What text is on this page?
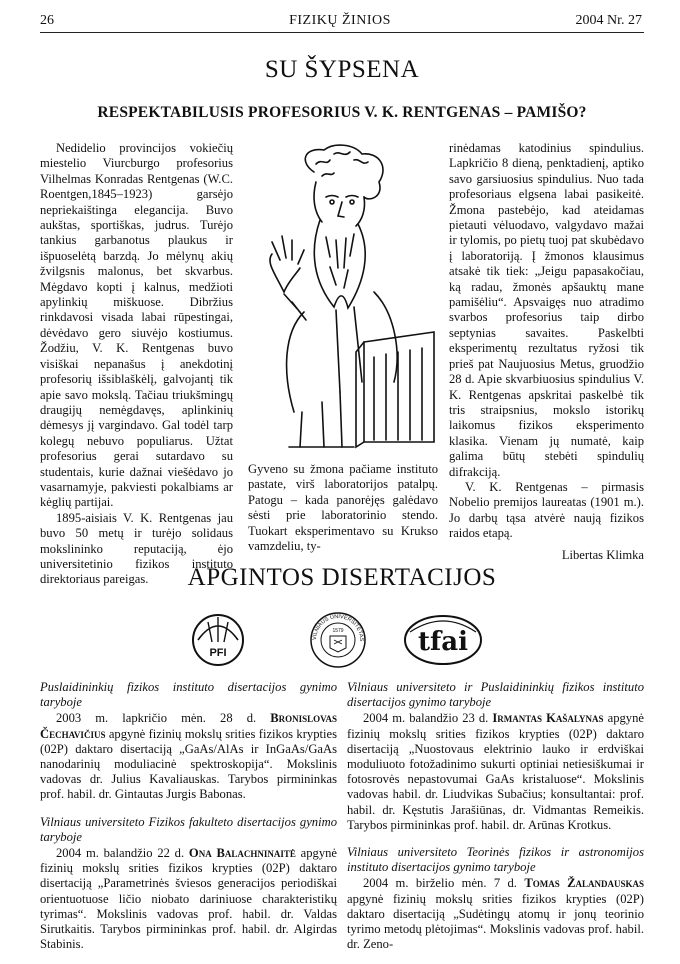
26	FIZIKŲ ŽINIOS	2004 Nr. 27
SU ŠYPSENA
RESPEKTABILUSIS PROFESORIUS V. K. RENTGENAS – PAMIŠO?

Nedidelio provincijos vokiečių miestelio Viurcburgo profesorius Vilhelmas Konradas Rentgenas (W.C. Roentgen,1845–1923) garsėjo nepriekaištinga elegancija. Buvo aukštas, sportiškas, judrus. Turėjo tankius garbanotus plaukus ir išpuoselėtą barzdą. Jo mėlynų akių žvilgsnis malonus, bet skvarbus. Mėgdavo kopti į kalnus, medžioti apylinkių miškuose. Dibržius rinkdavosi visada labai rūpestingai, dėvėdavo gero siuvėjo kostiumus. Žodžiu, V. K. Rentgenas buvo visiškai nepanašus į anekdotinį profesorių išsiblaškėlį, galvojantį tik apie savo mokslą. Tačiau triukšmingų draugijų nemėgdavęs, aplinkinių dėmesys jį vargindavo. Gal todėl tarp kolegų nebuvo populiarus. Užtat profesorius gerai sutardavo su studentais, kurie dažnai viešėdavo jo vasarnamyje, pakviesti pokalbiams ar kėglių partijai.

1895-aisiais V. K. Rentgenas jau buvo 50 metų ir turėjo solidaus mokslininko reputaciją, ėjo universitetinio fizikos instituto direktoriaus pareigas.

Gyveno su žmona pačiame instituto pastate, virš laboratorijos patalpų. Patogu – kada panorėjęs galėdavo sėsti prie laboratorinio stendo. Tuokart eksperimentavo su Krukso vamzdeliu, ty-

rinėdamas katodinius spindulius. Lapkričio 8 dieną, penktadienį, aptiko savo garsiuosius spindulius. Nuo tada profesoriaus elgsena labai pasikeitė. Žmona pastebėjo, kad ateidamas pietauti vėluodavo, valgydavo mažai ir tylomis, po pietų tuoj pat skubėdavo į laboratoriją. Į žmonos klausimus atsakė tik tiek: „Jeigu papasakočiau, ką radau, žmonės apšauktų mane pamišėliu“. Apsvaigęs nuo atradimo svarbos profesorius taip dirbo septynias savaites. Paskelbti eksperimentų rezultatus ryžosi tik prieš pat Naujuosius Metus, gruodžio 28 d. Apie skvarbiuosius spindulius V. K. Rentgenas apskritai paskelbė tik tris straipsnius, mokslo istorikų laikomus fizikos eksperimento klasika. Vienam jų numatė, kaip galima būtų stebėti spindulių difrakciją.

V. K. Rentgenas – pirmasis Nobelio premijos laureatas (1901 m.). Jo darbų tąsa atvėrė naują fizikos raidos etapą.

Libertas Klimka

APGINTOS DISERTACIJOS
PFI
VILNIAUS UNIVERSITETAS
1579	tfai

Puslaidininkių fizikos instituto disertacijos gynimo taryboje

2003 m. lapkričio mėn. 28 d. Bronislovas Čechavičius apgynė fizinių mokslų srities fizikos krypties (02P) daktaro disertaciją „GaAs/AlAs ir InGaAs/GaAs nanodarinių moduliacinė spektroskopija“. Mokslinis vadovas dr. Julius Kavaliauskas. Tarybos pirmininkas prof. habil. dr. Gintautas Jurgis Babonas.

Vilniaus universiteto Fizikos fakulteto disertacijos gynimo taryboje

2004 m. balandžio 22 d. Ona Balachninaitė apgynė fizinių mokslų srities fizikos krypties (02P) daktaro disertaciją „Parametrinės šviesos generacijos periodiškai orientuotuose ličio niobato dariniuose charakteristikų tyrimas“. Mokslinis vadovas prof. habil. dr. Valdas Sirutkaitis. Tarybos pirmininkas prof. habil. dr. Algirdas Stabinis.

Vilniaus universiteto ir Puslaidininkių fizikos instituto disertacijos gynimo taryboje

2004 m. balandžio 23 d. Irmantas Kašalynas apgynė fizinių mokslų srities fizikos krypties (02P) daktaro disertaciją „Nuostovaus elektrinio lauko ir erdviškai moduliuoto fotožadinimo sukurti optiniai netiesiškumai ir fotosrovės nepastovumai GaAs kristaluose“. Mokslinis vadovas habil. dr. Liudvikas Subačius; konsultantai: prof. habil. dr. Kęstutis Jarašiūnas, dr. Vidmantas Remeikis. Tarybos pirmininkas prof. habil. dr. Arūnas Krotkus.

Vilniaus universiteto Teorinės fizikos ir astronomijos instituto disertacijos gynimo taryboje

2004 m. birželio mėn. 7 d. Tomas Žalandauskas apgynė fizinių mokslų srities fizikos krypties (02P) daktaro disertaciją „Sudėtingų atomų ir jonų teorinio tyrimo metodų plėtojimas“. Mokslinis vadovas prof. habil. dr. Zeno-
